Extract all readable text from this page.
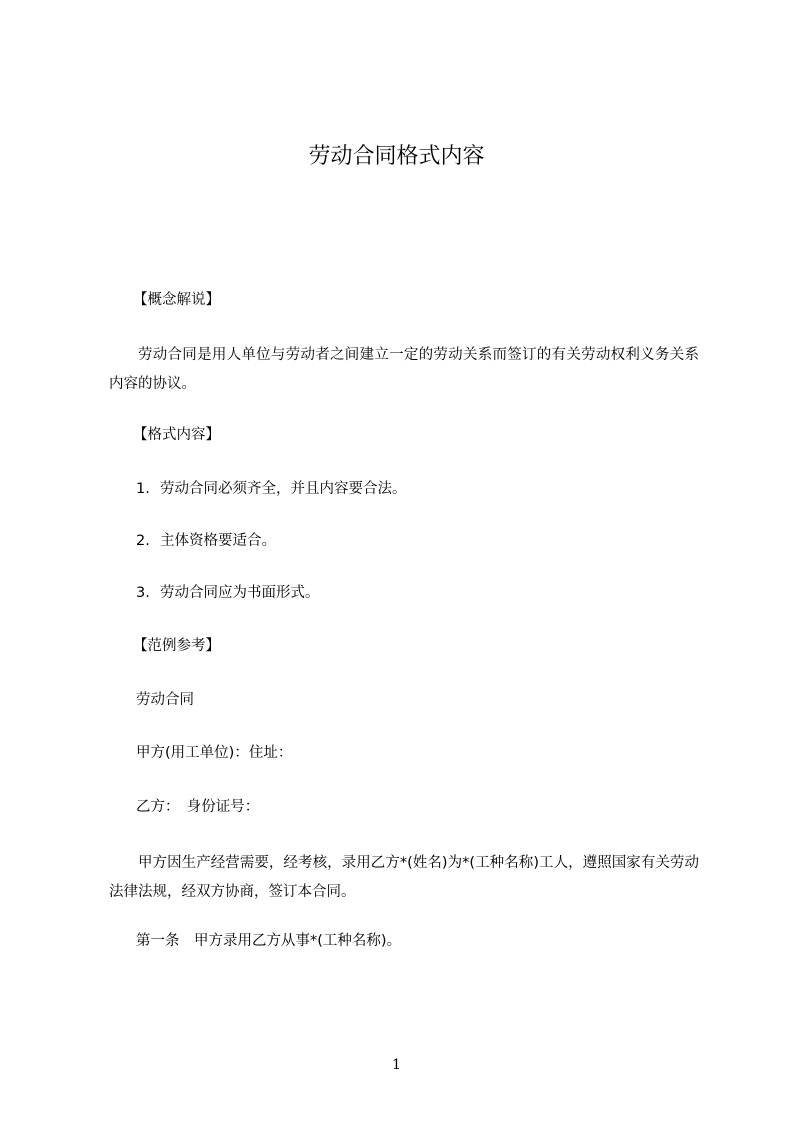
劳动合同格式内容
【概念解说】
劳动合同是用人单位与劳动者之间建立一定的劳动关系而签订的有关劳动权利义务关系内容的协议。
【格式内容】
1. 劳动合同必须齐全，并且内容要合法。
2. 主体资格要适合。
3. 劳动合同应为书面形式。
【范例参考】
劳动合同
甲方(用工单位)：住址：
乙方：　身份证号：
甲方因生产经营需要，经考核，录用乙方*(姓名)为*(工种名称)工人，遵照国家有关劳动法律法规，经双方协商，签订本合同。
第一条　甲方录用乙方从事*(工种名称)。
1
